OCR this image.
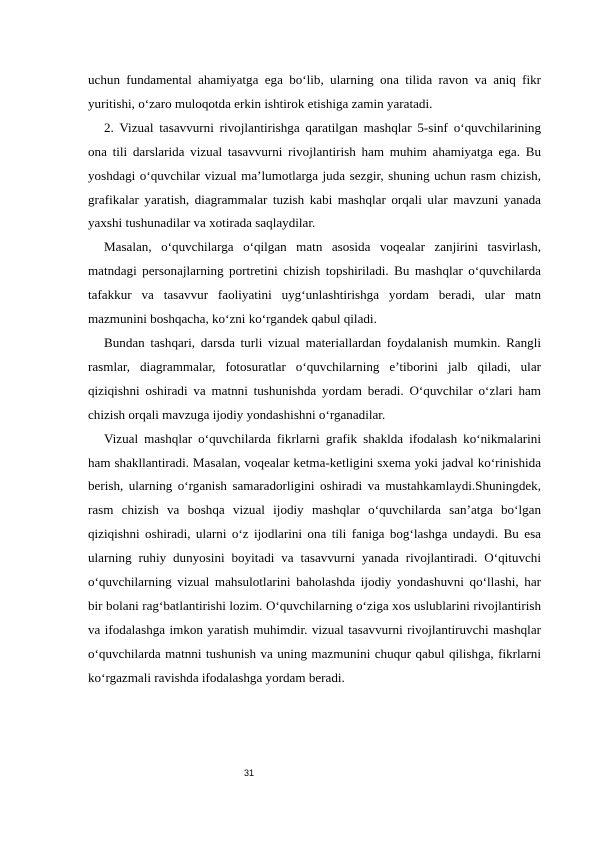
uchun fundamental ahamiyatga ega bo‘lib, ularning ona tilida ravon va aniq fikr yuritishi, o‘zaro muloqotda erkin ishtirok etishiga zamin yaratadi.

2. Vizual tasavvurni rivojlantirishga qaratilgan mashqlar 5-sinf o‘quvchilarining ona tili darslarida vizual tasavvurni rivojlantirish ham muhim ahamiyatga ega. Bu yoshdagi o‘quvchilar vizual ma’lumotlarga juda sezgir, shuning uchun rasm chizish, grafikalar yaratish, diagrammalar tuzish kabi mashqlar orqali ular mavzuni yanada yaxshi tushunadilar va xotirada saqlaydilar.

Masalan, o‘quvchilarga o‘qilgan matn asosida voqealar zanjirini tasvirlash, matndagi personajlarning portretini chizish topshiriladi. Bu mashqlar o‘quvchilarda tafakkur va tasavvur faoliyatini uyg‘unlashtirishga yordam beradi, ular matn mazmunini boshqacha, ko‘zni ko‘rgandek qabul qiladi.

Bundan tashqari, darsda turli vizual materiallardan foydalanish mumkin. Rangli rasmlar, diagrammalar, fotosuratlar o‘quvchilarning e’tiborini jalb qiladi, ular qiziqishni oshiradi va matnni tushunishda yordam beradi. O‘quvchilar o‘zlari ham chizish orqali mavzuga ijodiy yondashishni o‘rganadilar.

Vizual mashqlar o‘quvchilarda fikrlarni grafik shaklda ifodalash ko‘nikmalarini ham shakllantiradi. Masalan, voqealar ketma-ketligini sxema yoki jadval ko‘rinishida berish, ularning o‘rganish samaradorligini oshiradi va mustahkamlaydi.Shuningdek, rasm chizish va boshqa vizual ijodiy mashqlar o‘quvchilarda san’atga bo‘lgan qiziqishni oshiradi, ularni o‘z ijodlarini ona tili faniga bog‘lashga undaydi. Bu esa ularning ruhiy dunyosini boyitadi va tasavvurni yanada rivojlantiradi. O‘qituvchi o‘quvchilarning vizual mahsulotlarini baholashda ijodiy yondashuvni qo‘llashi, har bir bolani rag‘batlantirishi lozim. O‘quvchilarning o‘ziga xos uslublarini rivojlantirish va ifodalashga imkon yaratish muhimdir. vizual tasavvurni rivojlantiruvchi mashqlar o‘quvchilarda matnni tushunish va uning mazmunini chuqur qabul qilishga, fikrlarni ko‘rgazmali ravishda ifodalashga yordam beradi.

31
